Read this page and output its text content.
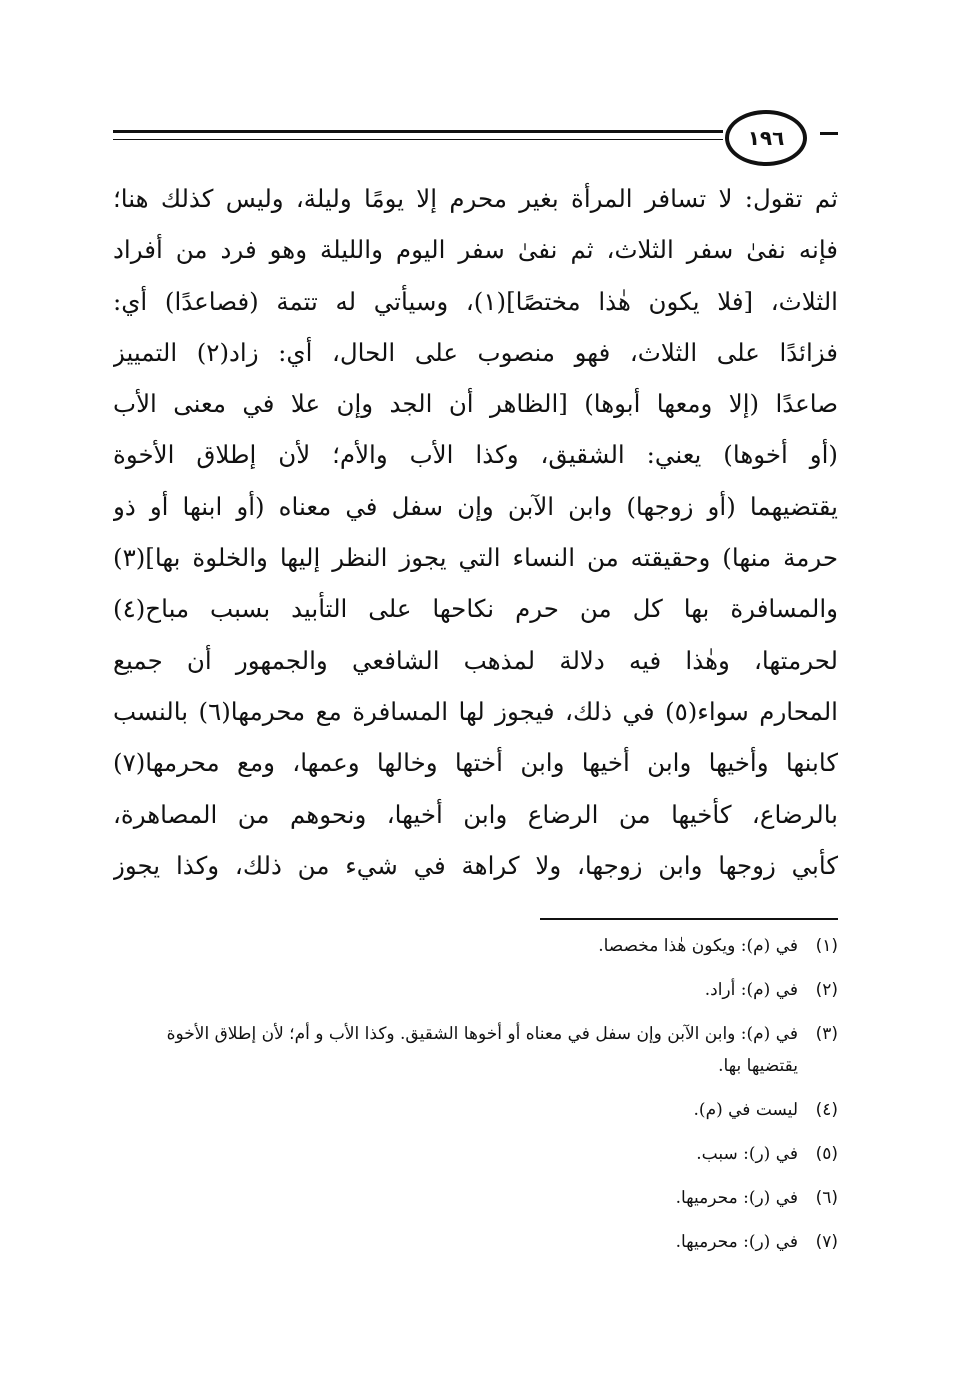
١٩٦
ثم تقول: لا تسافر المرأة بغير محرم إلا يومًا وليلة، وليس كذلك هنا؛
فإنه نفىٰ سفر الثلاث، ثم نفىٰ سفر اليوم والليلة وهو فرد من أفراد
الثلاث، [فلا يكون هٰذا مختصًا](١)، وسيأتي له تتمة (فصاعدًا) أي:
فزائدًا على الثلاث، فهو منصوب على الحال، أي: زاد(٢) التمييز
صاعدًا (إلا ومعها أبوها) [الظاهر أن الجد وإن علا في معنى الأب
(أو أخوها) يعني: الشقيق، وكذا الأب والأم؛ لأن إطلاق الأخوة
يقتضيهما (أو زوجها) وابن الآبن وإن سفل في معناه (أو ابنها أو ذو
حرمة منها) وحقيقته من النساء التي يجوز النظر إليها والخلوة بها](٣)
والمسافرة بها كل من حرم نكاحها على التأبيد بسبب مباح(٤)
لحرمتها، وهٰذا فيه دلالة لمذهب الشافعي والجمهور أن جميع
المحارم سواء(٥) في ذلك، فيجوز لها المسافرة مع محرمها(٦) بالنسب
كابنها وأخيها وابن أخيها وابن أختها وخالها وعمها، ومع محرمها(٧)
بالرضاع، كأخيها من الرضاع وابن أخيها، ونحوهم من المصاهرة،
كأبي زوجها وابن زوجها، ولا كراهة في شيء من ذلك، وكذا يجوز
(١)
في (م): ويكون هٰذا مخصصا.
(٢)
في (م): أراد.
(٣)
في (م): وابن الآبن وإن سفل في معناه أو أخوها الشقيق. وكذا الأب و أم؛ لأن إطلاق الأخوة يقتضيها بها.
(٤)
ليست في (م).
(٥)
في (ر): سبب.
(٦)
في (ر): محرميها.
(٧)
في (ر): محرميها.
